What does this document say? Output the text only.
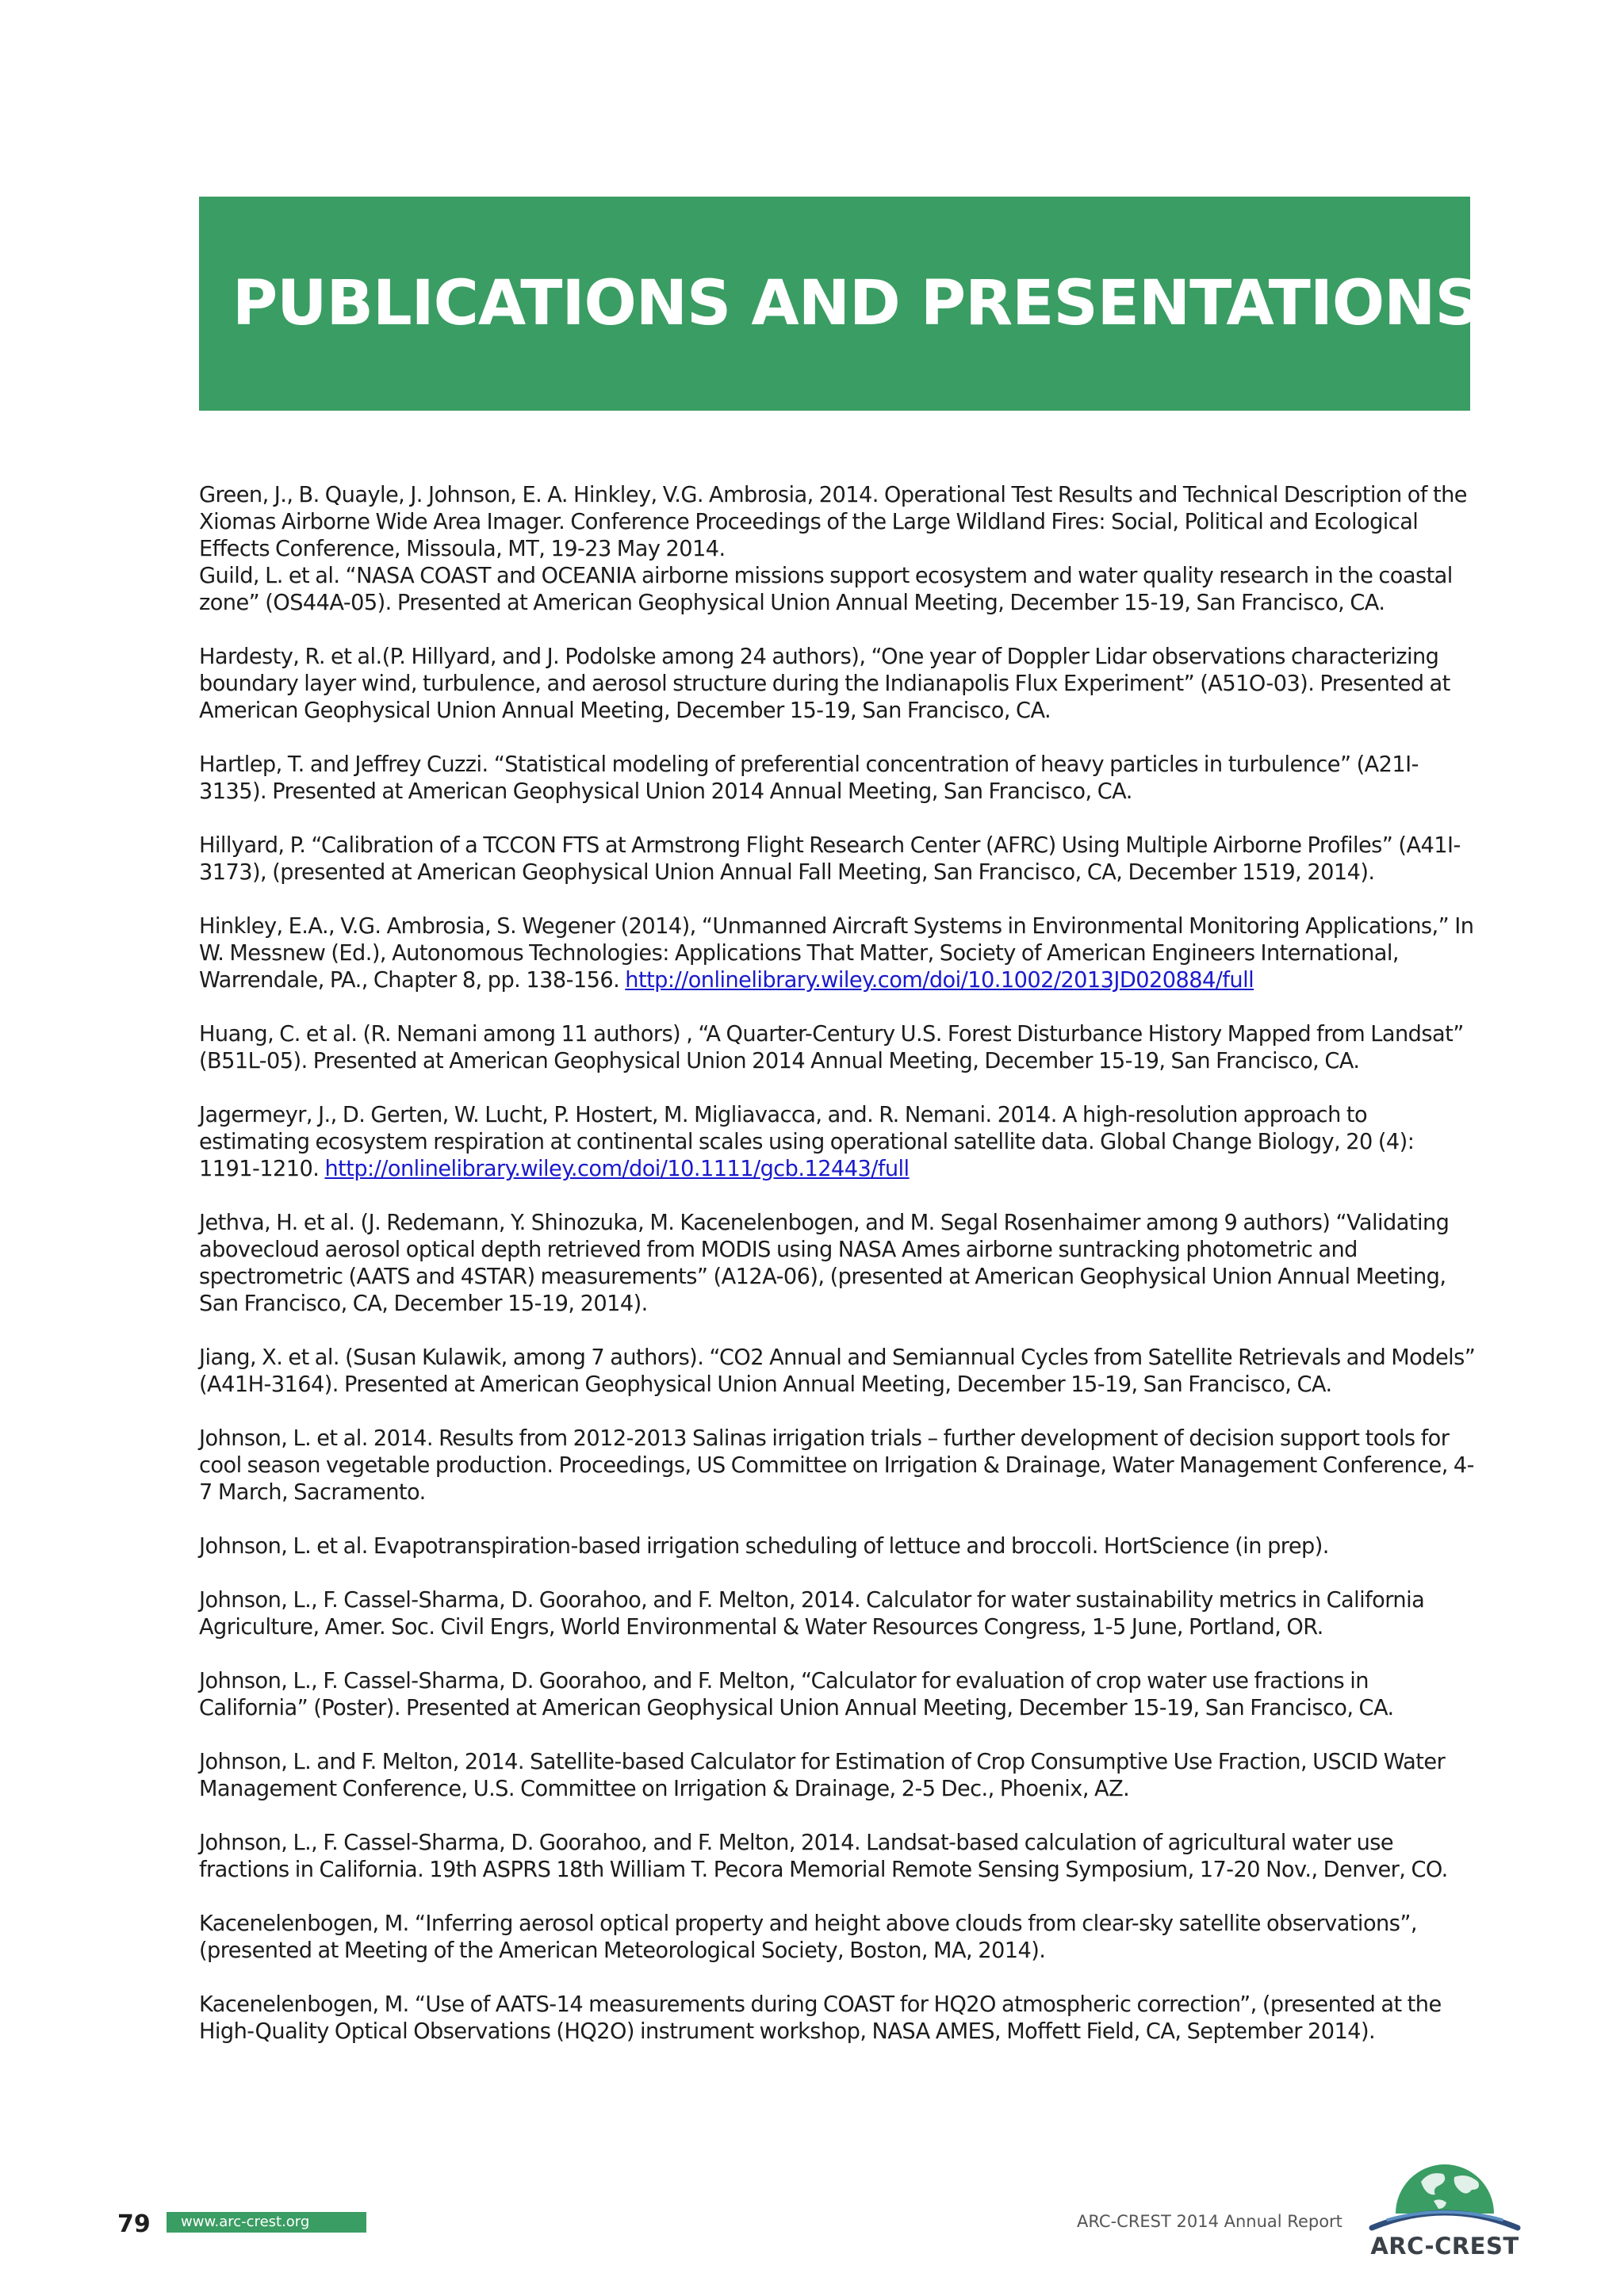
PUBLICATIONS AND PRESENTATIONS

Green, J., B. Quayle, J. Johnson, E. A. Hinkley, V.G. Ambrosia, 2014. Operational Test Results and Technical Description of the Xiomas Airborne Wide Area Imager. Conference Proceedings of the Large Wildland Fires: Social, Political and Ecological Effects Conference, Missoula, MT, 19-23 May 2014.

Guild, L. et al. “NASA COAST and OCEANIA airborne missions support ecosystem and water quality research in the coastal zone” (OS44A-05). Presented at American Geophysical Union Annual Meeting, December 15-19, San Francisco, CA.

Hardesty, R. et al.(P. Hillyard, and J. Podolske among 24 authors), “One year of Doppler Lidar observations characterizing boundary layer wind, turbulence, and aerosol structure during the Indianapolis Flux Experiment” (A51O-03). Presented at American Geophysical Union Annual Meeting, December 15-19, San Francisco, CA.

Hartlep, T. and Jeffrey Cuzzi. “Statistical modeling of preferential concentration of heavy particles in turbulence” (A21I-3135). Presented at American Geophysical Union 2014 Annual Meeting, San Francisco, CA.

Hillyard, P. “Calibration of a TCCON FTS at Armstrong Flight Research Center (AFRC) Using Multiple Airborne Profiles” (A41I-3173), (presented at American Geophysical Union Annual Fall Meeting, San Francisco, CA, December 1519, 2014).

Hinkley, E.A., V.G. Ambrosia, S. Wegener (2014), “Unmanned Aircraft Systems in Environmental Monitoring Applications,” In W. Messnew (Ed.), Autonomous Technologies: Applications That Matter, Society of American Engineers International, Warrendale, PA., Chapter 8, pp. 138-156. http://onlinelibrary.wiley.com/doi/10.1002/2013JD020884/full

Huang, C. et al. (R. Nemani among 11 authors) , “A Quarter-Century U.S. Forest Disturbance History Mapped from Landsat” (B51L-05). Presented at American Geophysical Union 2014 Annual Meeting, December 15-19, San Francisco, CA.

Jagermeyr, J., D. Gerten, W. Lucht, P. Hostert, M. Migliavacca, and. R. Nemani. 2014. A high-resolution approach to estimating ecosystem respiration at continental scales using operational satellite data. Global Change Biology, 20 (4): 1191-1210. http://onlinelibrary.wiley.com/doi/10.1111/gcb.12443/full

Jethva, H. et al. (J. Redemann, Y. Shinozuka, M. Kacenelenbogen, and M. Segal Rosenhaimer among 9 authors) “Validating abovecloud aerosol optical depth retrieved from MODIS using NASA Ames airborne suntracking photometric and spectrometric (AATS and 4STAR) measurements” (A12A-06), (presented at American Geophysical Union Annual Meeting, San Francisco, CA, December 15-19, 2014).

Jiang, X. et al. (Susan Kulawik, among 7 authors). “CO2 Annual and Semiannual Cycles from Satellite Retrievals and Models” (A41H-3164). Presented at American Geophysical Union Annual Meeting, December 15-19, San Francisco, CA.

Johnson, L. et al. 2014. Results from 2012-2013 Salinas irrigation trials – further development of decision support tools for cool season vegetable production. Proceedings, US Committee on Irrigation & Drainage, Water Management Conference, 4-7 March, Sacramento.

Johnson, L. et al. Evapotranspiration-based irrigation scheduling of lettuce and broccoli. HortScience (in prep).

Johnson, L., F. Cassel-Sharma, D. Goorahoo, and F. Melton, 2014. Calculator for water sustainability metrics in California Agriculture, Amer. Soc. Civil Engrs, World Environmental & Water Resources Congress, 1-5 June, Portland, OR.

Johnson, L., F. Cassel-Sharma, D. Goorahoo, and F. Melton, “Calculator for evaluation of crop water use fractions in California” (Poster). Presented at American Geophysical Union Annual Meeting, December 15-19, San Francisco, CA.

Johnson, L. and F. Melton, 2014. Satellite-based Calculator for Estimation of Crop Consumptive Use Fraction, USCID Water Management Conference, U.S. Committee on Irrigation & Drainage, 2-5 Dec., Phoenix, AZ.

Johnson, L., F. Cassel-Sharma, D. Goorahoo, and F. Melton, 2014. Landsat-based calculation of agricultural water use fractions in California. 19th ASPRS 18th William T. Pecora Memorial Remote Sensing Symposium, 17-20 Nov., Denver, CO.

Kacenelenbogen, M. “Inferring aerosol optical property and height above clouds from clear-sky satellite observations”, (presented at Meeting of the American Meteorological Society, Boston, MA, 2014).

Kacenelenbogen, M. “Use of AATS-14 measurements during COAST for HQ2O atmospheric correction”, (presented at the High-Quality Optical Observations (HQ2O) instrument workshop, NASA AMES, Moffett Field, CA, September 2014).

79	www.arc-crest.org	ARC-CREST 2014 Annual Report
ARC-CREST
